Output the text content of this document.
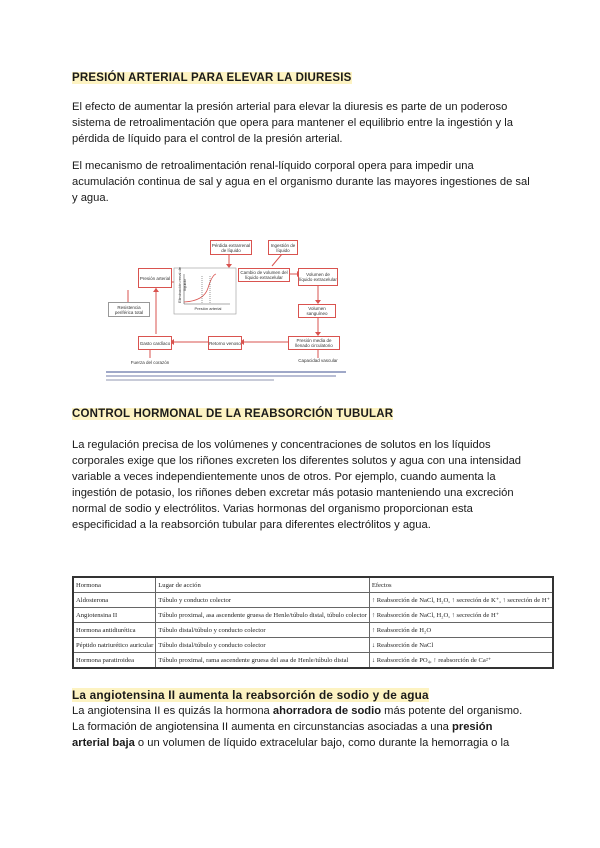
PRESIÓN ARTERIAL PARA ELEVAR LA DIURESIS
El efecto de aumentar la presión arterial para elevar la diuresis es parte de un poderoso sistema de retroalimentación que opera para mantener el equilibrio entre la ingestión y la pérdida de líquido para el control de la presión arterial.
El mecanismo de retroalimentación renal-líquido corporal opera para impedir una acumulación continua de sal y agua en el organismo durante las mayores ingestiones de sal y agua.
Pérdida extrarrenal de líquido
Ingestión de líquido
Presión arterial
Cambio de volumen del líquido extracelular
Volumen de líquido extracelular
Resistencia periférica total
Volumen sanguíneo
Gasto cardíaco	Retorno venoso	Presión media de llenado circulatorio
Capacidad vascular
Fuerza del corazón
Presión arterial
Eliminación renal de líquido
CONTROL HORMONAL DE LA REABSORCIÓN TUBULAR
La regulación precisa de los volúmenes y concentraciones de solutos en los líquidos corporales exige que los riñones excreten los diferentes solutos y agua con una intensidad variable a veces independientemente unos de otros. Por ejemplo, cuando aumenta la ingestión de potasio, los riñones deben excretar más potasio manteniendo una excreción normal de sodio y electrólitos. Varias hormonas del organismo proporcionan esta especificidad a la reabsorción tubular para diferentes electrólitos y agua.
Hormona	Lugar de acción	Efectos
Aldosterona	Túbulo y conducto colector	↑ Reabsorción de NaCl, H₂O, ↑ secreción de K⁺, ↑ secreción de H⁺
Angiotensina II	Túbulo proximal, asa ascendente gruesa de Henle/túbulo distal, túbulo colector	↑ Reabsorción de NaCl, H₂O, ↑ secreción de H⁺
Hormona antidiurética	Túbulo distal/túbulo y conducto colector	↑ Reabsorción de H₂O
Péptido natriurético auricular	Túbulo distal/túbulo y conducto colector	↓ Reabsorción de NaCl
Hormona paratiroidea	Túbulo proximal, rama ascendente gruesa del asa de Henle/túbulo distal	↓ Reabsorción de PO₄, ↑ reabsorción de Ca²⁺
La angiotensina II aumenta la reabsorción de sodio y de agua
La angiotensina II es quizás la hormona ahorradora de sodio más potente del organismo. La formación de angiotensina II aumenta en circunstancias asociadas a una presión arterial baja o un volumen de líquido extracelular bajo, como durante la hemorragia o la
